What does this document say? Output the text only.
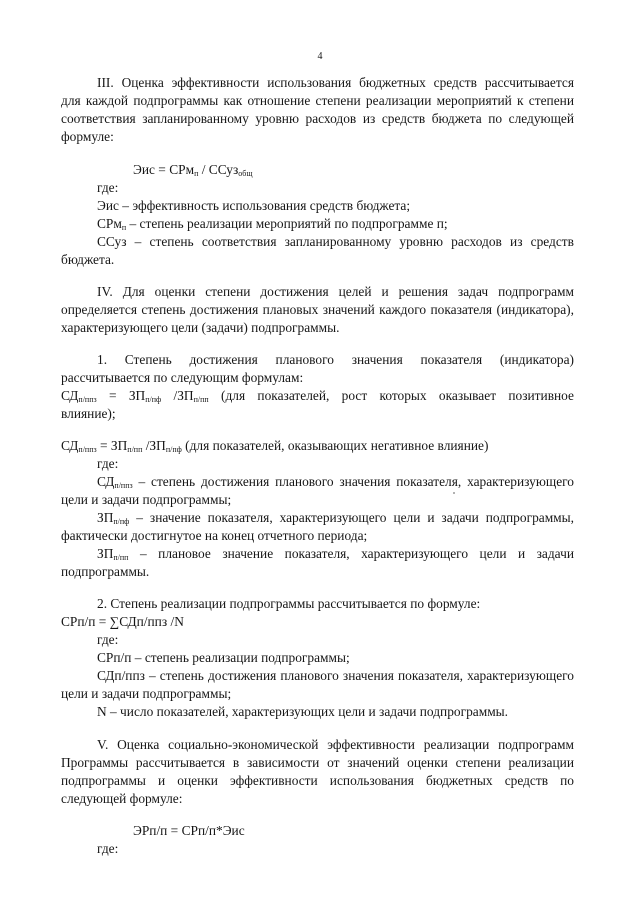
4

III. Оценка эффективности использования бюджетных средств рассчитывается

для каждой подпрограммы как отношение степени реализации мероприятий к степени

соответствия запланированному уровню расходов из средств бюджета по следующей

формуле:

Эис = СРм$_п$ / ССуз$_{общ}$

где:

Эис – эффективность использования средств бюджета;

СРм$_п$ – степень реализации мероприятий по подпрограмме п;

ССуз – степень соответствия запланированному уровню расходов из средств

бюджета.

IV. Для оценки степени достижения целей и решения задач подпрограмм

определяется степень достижения плановых значений каждого показателя (индикатора),

характеризующего цели (задачи) подпрограммы.

1. Степень достижения планового значения показателя (индикатора)

рассчитывается по следующим формулам:

$СД_{п/ппз} = ЗП_{п/пф}$ $/ЗП_{п/пп}$ (для показателей, рост которых оказывает позитивное

влияние);

$СД_{п/ппз} = ЗП_{п/пп}$ $/ЗП_{п/пф}$ (для показателей, оказывающих негативное влияние)

где:

$СД_{п/ппз}$ – степень достижения планового значения показателя, характеризующего

цели и задачи подпрограммы;

$ЗП_{п/пф}$ – значение показателя, характеризующего цели и задачи подпрограммы,

фактически достигнутое на конец отчетного периода;

$ЗП_{п/пп}$ – плановое значение показателя, характеризующего цели и задачи

подпрограммы.

2. Степень реализации подпрограммы рассчитывается по формуле:

СРп/п = ∑СДп/ппз /N

где:

СРп/п – степень реализации подпрограммы;

СДп/ппз – степень достижения планового значения показателя, характеризующего

цели и задачи подпрограммы;

N – число показателей, характеризующих цели и задачи подпрограммы.

V. Оценка социально-экономической эффективности реализации подпрограмм

Программы рассчитывается в зависимости от значений оценки степени реализации

подпрограммы и оценки эффективности использования бюджетных средств по

следующей формуле:

ЭРп/п = СРп/п*Эис

где:
